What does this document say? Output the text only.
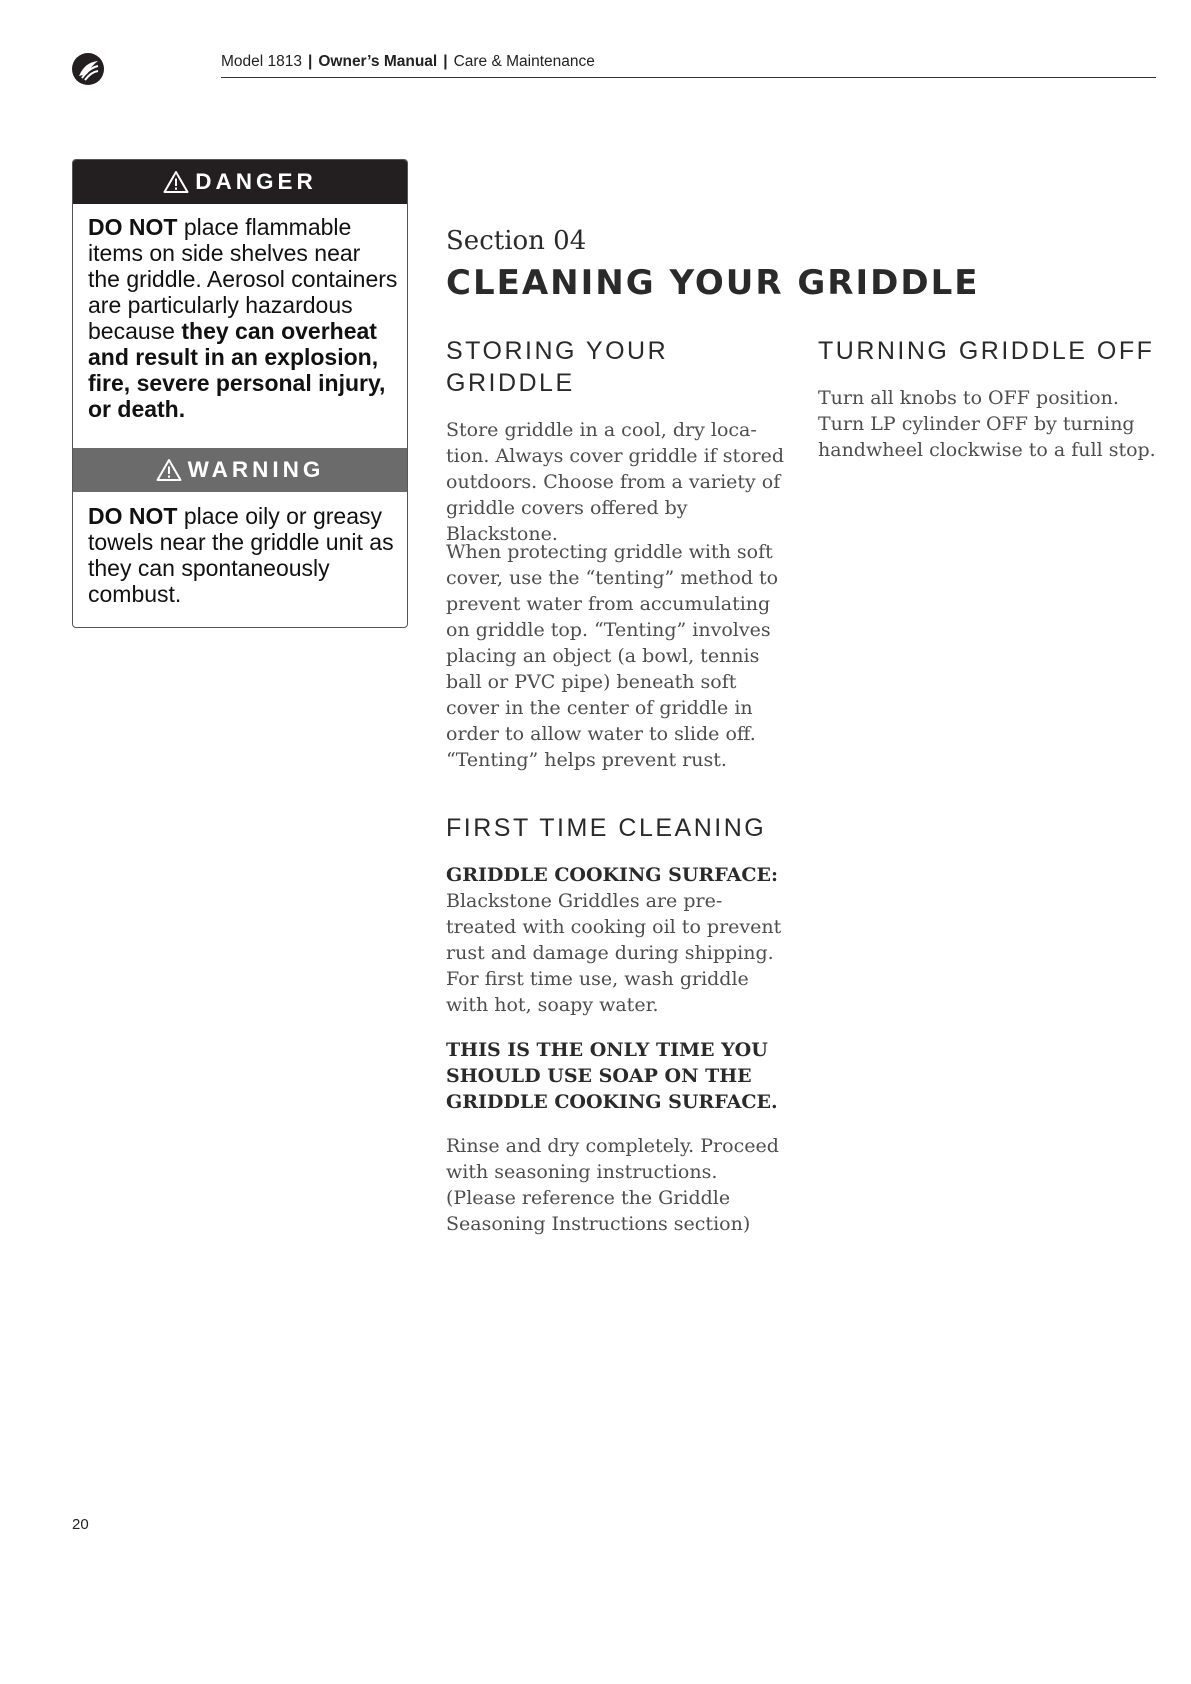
Model 1813 | Owner’s Manual | Care & Maintenance
DANGER

DO NOT place flammable items on side shelves near the griddle. Aerosol containers are particularly hazardous because they can overheat and result in an explosion, fire, severe personal injury, or death.

WARNING

DO NOT place oily or greasy towels near the griddle unit as they can spontaneously combust.

Section 04
CLEANING YOUR GRIDDLE
STORING YOUR GRIDDLE

Store griddle in a cool, dry location. Always cover griddle if stored outdoors. Choose from a variety of griddle covers offered by Blackstone.

When protecting griddle with soft cover, use the “tenting” method to prevent water from accumulating on griddle top. “Tenting” involves placing an object (a bowl, tennis ball or PVC pipe) beneath soft cover in the center of griddle in order to allow water to slide off. “Tenting” helps prevent rust.

FIRST TIME CLEANING

GRIDDLE COOKING SURFACE:
Blackstone Griddles are pre-treated with cooking oil to prevent rust and damage during shipping. For first time use, wash griddle with hot, soapy water.

THIS IS THE ONLY TIME YOU SHOULD USE SOAP ON THE GRIDDLE COOKING SURFACE.

Rinse and dry completely. Proceed with seasoning instructions. (Please reference the Griddle Seasoning Instructions section)

TURNING GRIDDLE OFF

Turn all knobs to OFF position. Turn LP cylinder OFF by turning handwheel clockwise to a full stop.

20
